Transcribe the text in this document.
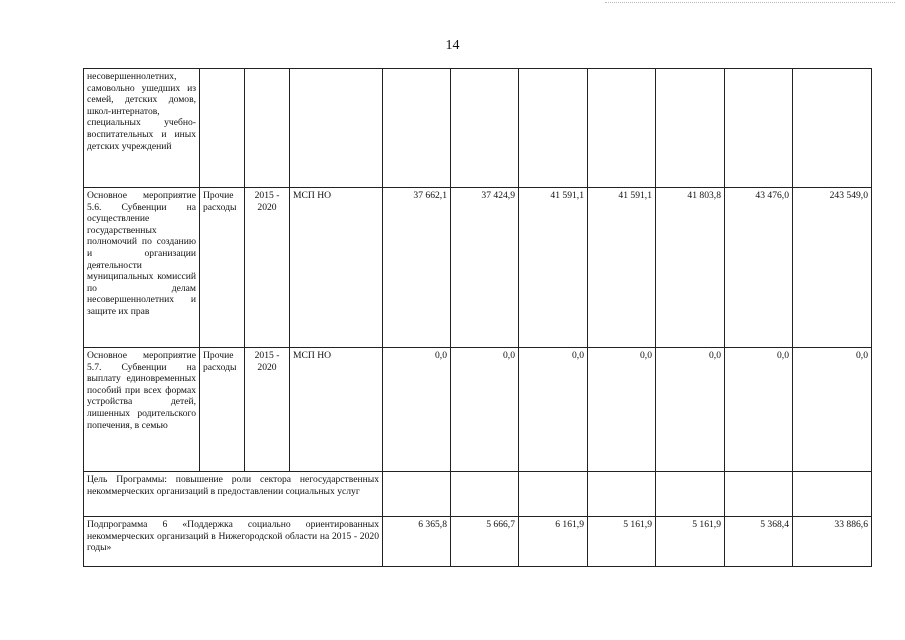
14
несовершеннолетних, самовольно ушедших из семей, детских домов, школ-интернатов, специальных учебно-воспитательных и иных детских учреждений										
Основное мероприятие 5.6. Субвенции на осуществление государственных полномочий по созданию и организации деятельности муниципальных комиссий по делам несовершеннолетних и защите их прав	Прочие расходы	2015 - 2020	МСП НО	37 662,1	37 424,9	41 591,1	41 591,1	41 803,8	43 476,0	243 549,0
Основное мероприятие 5.7. Субвенции на выплату единовременных пособий при всех формах устройства детей, лишенных родительского попечения, в семью	Прочие расходы	2015 - 2020	МСП НО	0,0	0,0	0,0	0,0	0,0	0,0	0,0
Цель Программы: повышение роли сектора негосударственных некоммерческих организаций в предоставлении социальных услуг										
Подпрограмма 6 «Поддержка социально ориентированных некоммерческих организаций в Нижегородской области на 2015 - 2020 годы»				6 365,8	5 666,7	6 161,9	5 161,9	5 161,9	5 368,4	33 886,6
